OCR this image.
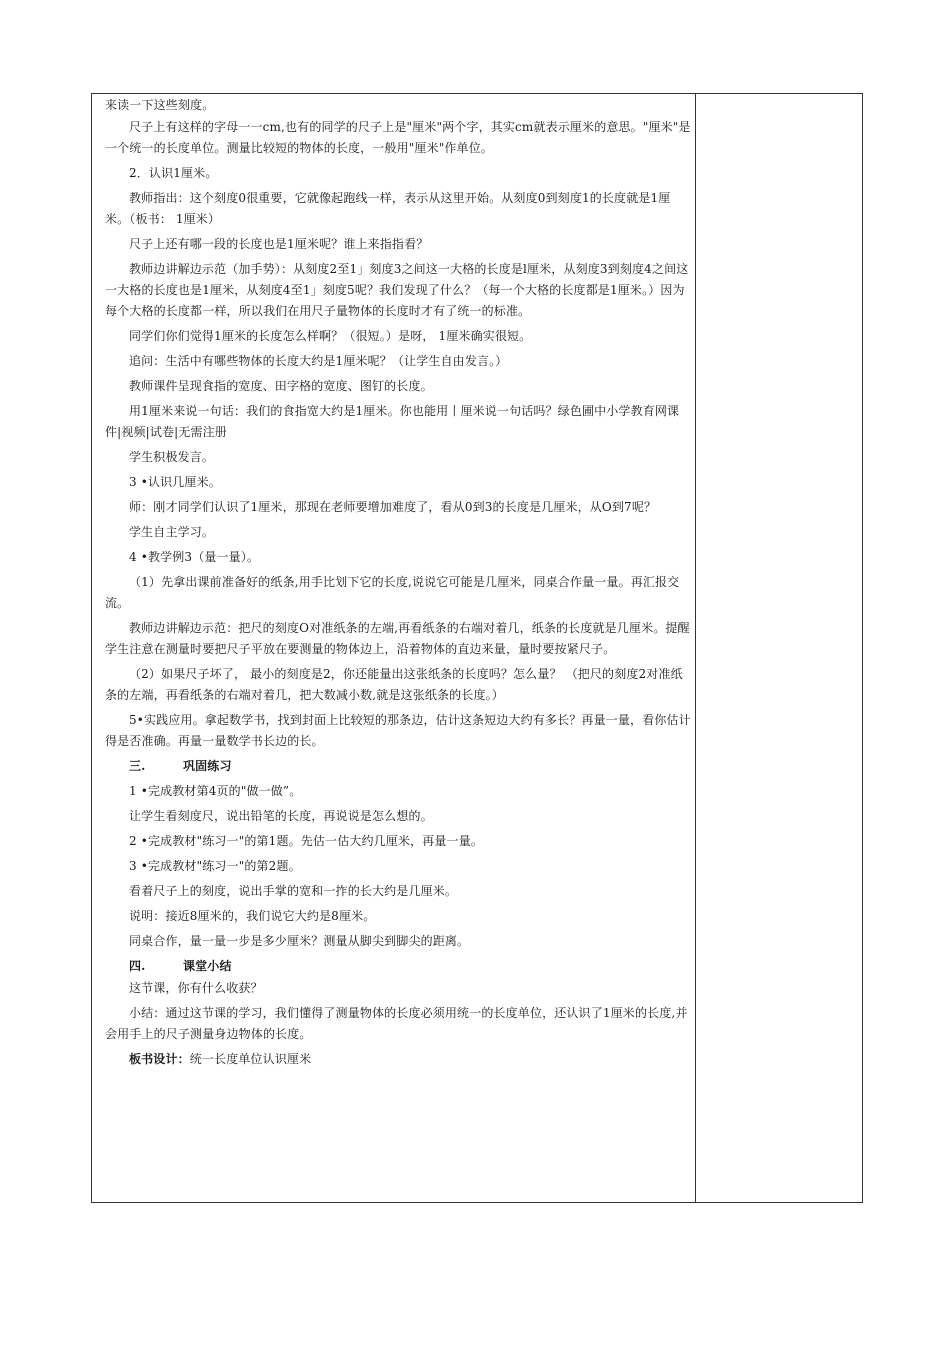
来读一下这些刻度。

尺子上有这样的字母一一cm,也有的同学的尺子上是"厘米"两个字，其实cm就表示厘米的意思。"厘米"是一个统一的长度单位。测量比较短的物体的长度，一般用"厘米"作单位。

2．认识1厘米。

教师指出：这个刻度0很重要，它就像起跑线一样，表示从这里开始。从刻度0到刻度1的长度就是1厘米。（板书： 1厘米）

尺子上还有哪一段的长度也是1厘米呢？谁上来指指看？

教师边讲解边示范（加手势）：从刻度2至1」刻度3之间这一大格的长度是l厘米，从刻度3到刻度4之间这一大格的长度也是1厘米，从刻度4至1」刻度5呢？我们发现了什么？（每一个大格的长度都是1厘米。）因为每个大格的长度都一样，所以我们在用尺子量物体的长度时才有了统一的标准。

同学们你们觉得1厘米的长度怎么样啊？（很短。）是呀， 1厘米确实很短。

追问：生活中有哪些物体的长度大约是1厘米呢？（让学生自由发言。）

教师课件呈现食指的宽度、田字格的宽度、图钉的长度。

用1厘米来说一句话：我们的食指宽大约是1厘米。你也能用丨厘米说一句话吗？绿色圃中小学教育网课件|视频|试卷|无需注册

学生积极发言。

3 •认识几厘米。

师：刚才同学们认识了1厘米，那现在老师要增加难度了，看从0到3的长度是几厘米，从O到7呢？

学生自主学习。

4 •教学例3（量一量）。

（1）先拿出课前准备好的纸条,用手比划下它的长度,说说它可能是几厘米，同桌合作量一量。再汇报交流。

教师边讲解边示范：把尺的刻度O对准纸条的左端,再看纸条的右端对着几，纸条的长度就是几厘米。提醒学生注意在测量时要把尺子平放在要测量的物体边上，沿着物体的直边来量，量时要按紧尺子。

（2）如果尺子坏了， 最小的刻度是2，你还能量出这张纸条的长度吗？怎么量？ （把尺的刻度2对准纸条的左端，再看纸条的右端对着几，把大数减小数,就是这张纸条的长度。）

5•实践应用。拿起数学书，找到封面上比较短的那条边，估计这条短边大约有多长？再量一量，看你估计得是否准确。再量一量数学书长边的长。

三.	巩固练习

1 •完成教材第4页的"做一做”。

让学生看刻度尺，说出铅笔的长度，再说说是怎么想的。

2 •完成教材"练习一"的第1题。先估一估大约几厘米，再量一量。

3 •完成教材"练习一"的第2题。

看着尺子上的刻度，说出手掌的宽和一拃的长大约是几厘米。

说明：接近8厘米的，我们说它大约是8厘米。

同桌合作，量一量一步是多少厘米？测量从脚尖到脚尖的距离。

四.	课堂小结

这节课，你有什么收获？

小结：通过这节课的学习，我们懂得了测量物体的长度必须用统一的长度单位，还认识了1厘米的长度,并会用手上的尺子测量身边物体的长度。

板书设计：统一长度单位认识厘米
